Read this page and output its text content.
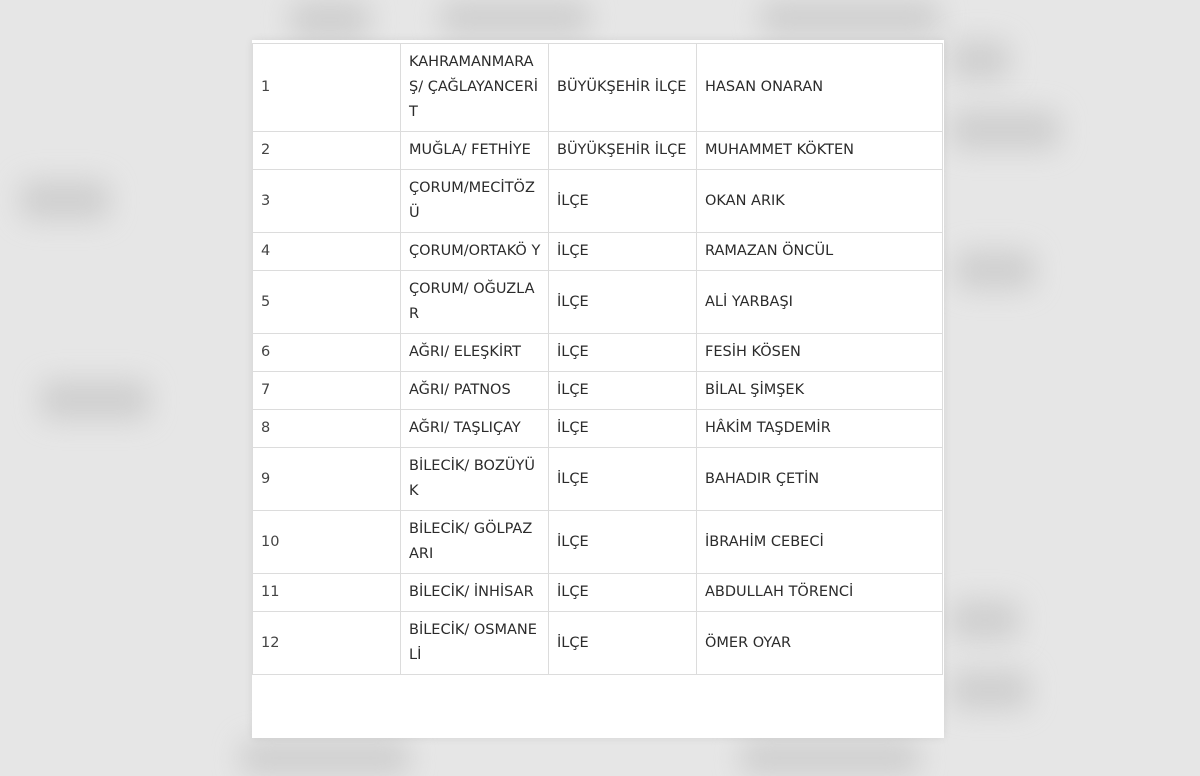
1	KAHRAMANMARA Ş/ ÇAĞLAYANCERİT	BÜYÜKŞEHİR İLÇE	HASAN ONARAN
2	MUĞLA/ FETHİYE	BÜYÜKŞEHİR İLÇE	MUHAMMET KÖKTEN
3	ÇORUM/MECİTÖZ Ü	İLÇE	OKAN ARIK
4	ÇORUM/ORTAKÖ Y	İLÇE	RAMAZAN ÖNCÜL
5	ÇORUM/ OĞUZLAR	İLÇE	ALİ YARBAŞI
6	AĞRI/ ELEŞKİRT	İLÇE	FESİH KÖSEN
7	AĞRI/ PATNOS	İLÇE	BİLAL ŞİMŞEK
8	AĞRI/ TAŞLIÇAY	İLÇE	HÂKİM TAŞDEMİR
9	BİLECİK/ BOZÜYÜK	İLÇE	BAHADIR ÇETİN
10	BİLECİK/ GÖLPAZARI	İLÇE	İBRAHİM CEBECİ
11	BİLECİK/ İNHİSAR	İLÇE	ABDULLAH TÖRENCİ
12	BİLECİK/ OSMANELİ	İLÇE	ÖMER OYAR
